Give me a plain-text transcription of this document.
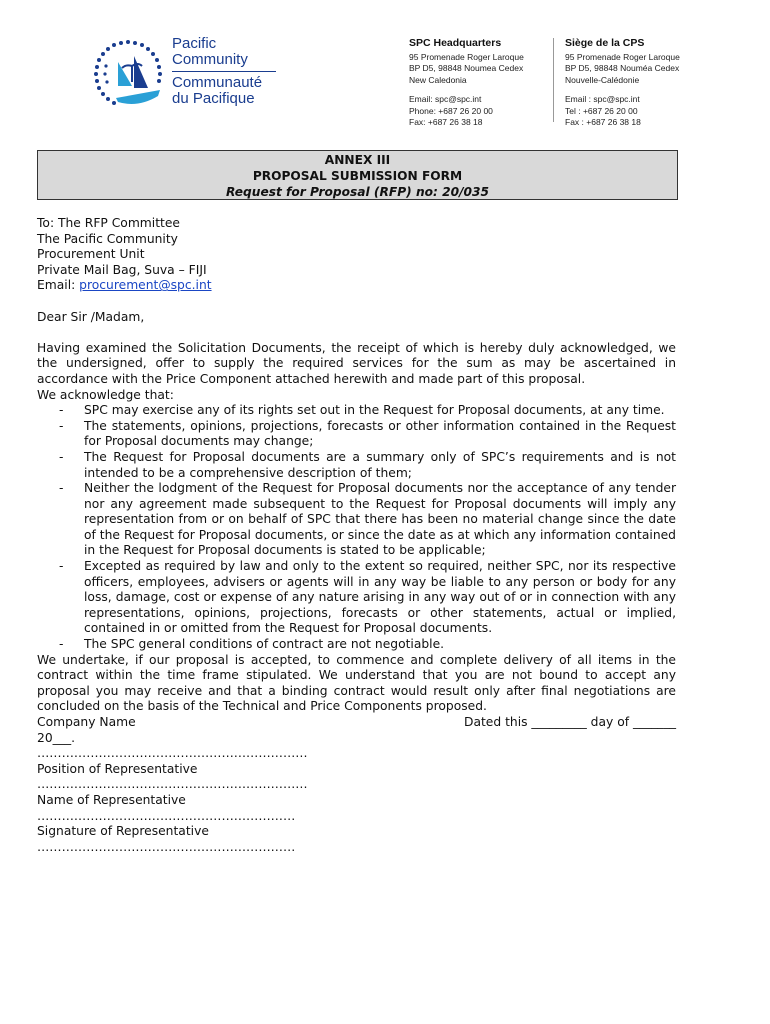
Pacific
Community
Communauté
du Pacifique
SPC Headquarters
95 Promenade Roger Laroque
BP D5, 98848 Noumea Cedex
New Caledonia
Email: spc@spc.int
Phone: +687 26 20 00
Fax: +687 26 38 18
Siège de la CPS
95 Promenade Roger Laroque
BP D5, 98848 Nouméa Cedex
Nouvelle-Calédonie
Email : spc@spc.int
Tel : +687 26 20 00
Fax : +687 26 38 18
ANNEX III
PROPOSAL SUBMISSION FORM
Request for Proposal (RFP) no: 20/035
To: The RFP Committee
The Pacific Community
Procurement Unit
Private Mail Bag, Suva – FIJI
Email: procurement@spc.int
Dear Sir /Madam,
Having examined the Solicitation Documents, the receipt of which is hereby duly acknowledged, we the undersigned, offer to supply the required services for the sum as may be ascertained in accordance with the Price Component attached herewith and made part of this proposal.
We acknowledge that:
- SPC may exercise any of its rights set out in the Request for Proposal documents, at any time.
- The statements, opinions, projections, forecasts or other information contained in the Request for Proposal documents may change;
- The Request for Proposal documents are a summary only of SPC’s requirements and is not intended to be a comprehensive description of them;
- Neither the lodgment of the Request for Proposal documents nor the acceptance of any tender nor any agreement made subsequent to the Request for Proposal documents will imply any representation from or on behalf of SPC that there has been no material change since the date of the Request for Proposal documents, or since the date as at which any information contained in the Request for Proposal documents is stated to be applicable;
- Excepted as required by law and only to the extent so required, neither SPC, nor its respective officers, employees, advisers or agents will in any way be liable to any person or body for any loss, damage, cost or expense of any nature arising in any way out of or in connection with any representations, opinions, projections, forecasts or other statements, actual or implied, contained in or omitted from the Request for Proposal documents.
- The SPC general conditions of contract are not negotiable.
We undertake, if our proposal is accepted, to commence and complete delivery of all items in the contract within the time frame stipulated. We understand that you are not bound to accept any proposal you may receive and that a binding contract would result only after final negotiations are concluded on the basis of the Technical and Price Components proposed.
Company Name	Dated this _________ day of _______
20___.
…………………………………………………………
Position of Representative
…………………………………………………………
Name of Representative
………………………………………………………
Signature of Representative
………………………………………………………
